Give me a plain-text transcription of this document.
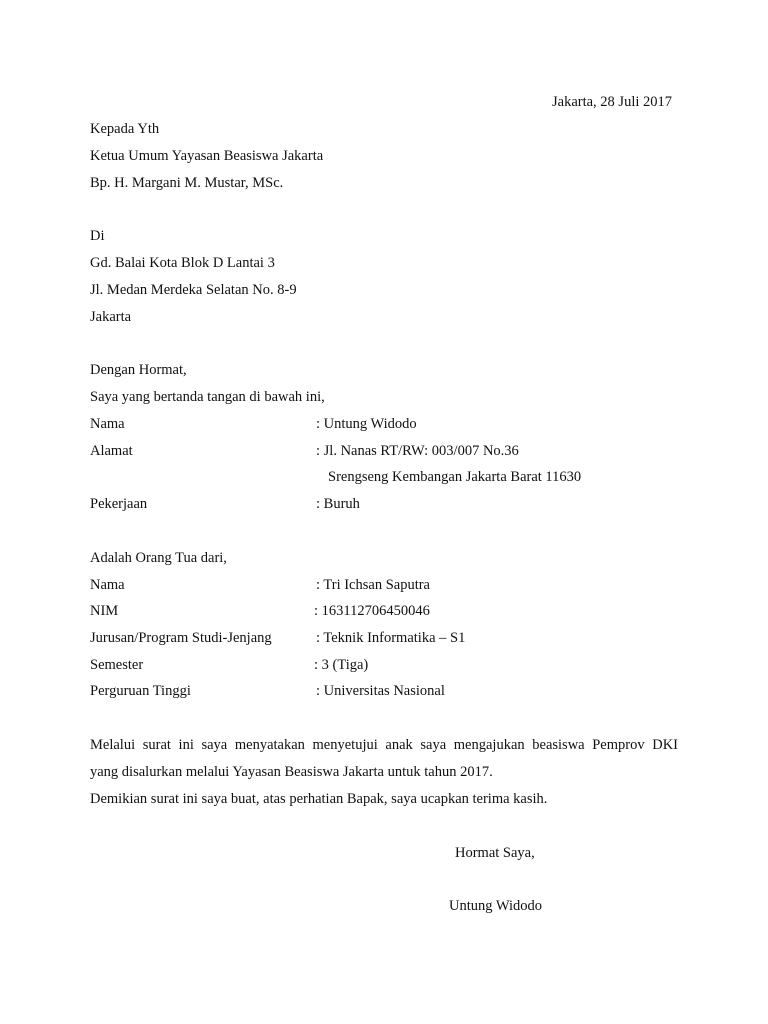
Jakarta, 28 Juli 2017
Kepada Yth
Ketua Umum Yayasan Beasiswa Jakarta
Bp. H. Margani M. Mustar, MSc.
Di
Gd. Balai Kota Blok D Lantai 3
Jl. Medan Merdeka Selatan No. 8-9
Jakarta
Dengan Hormat,
Saya yang bertanda tangan di bawah ini,
Nama	: Untung Widodo
Alamat	: Jl. Nanas RT/RW: 003/007 No.36
Srengseng Kembangan Jakarta Barat 11630
Pekerjaan	: Buruh
Adalah Orang Tua dari,
Nama	: Tri Ichsan Saputra
NIM	: 163112706450046
Jurusan/Program Studi-Jenjang	: Teknik Informatika – S1
Semester	: 3 (Tiga)
Perguruan Tinggi	: Universitas Nasional
Melalui surat ini saya menyatakan menyetujui anak saya mengajukan beasiswa Pemprov DKI
yang disalurkan melalui Yayasan Beasiswa Jakarta untuk tahun 2017.
Demikian surat ini saya buat, atas perhatian Bapak, saya ucapkan terima kasih.
Hormat Saya,
Untung Widodo
